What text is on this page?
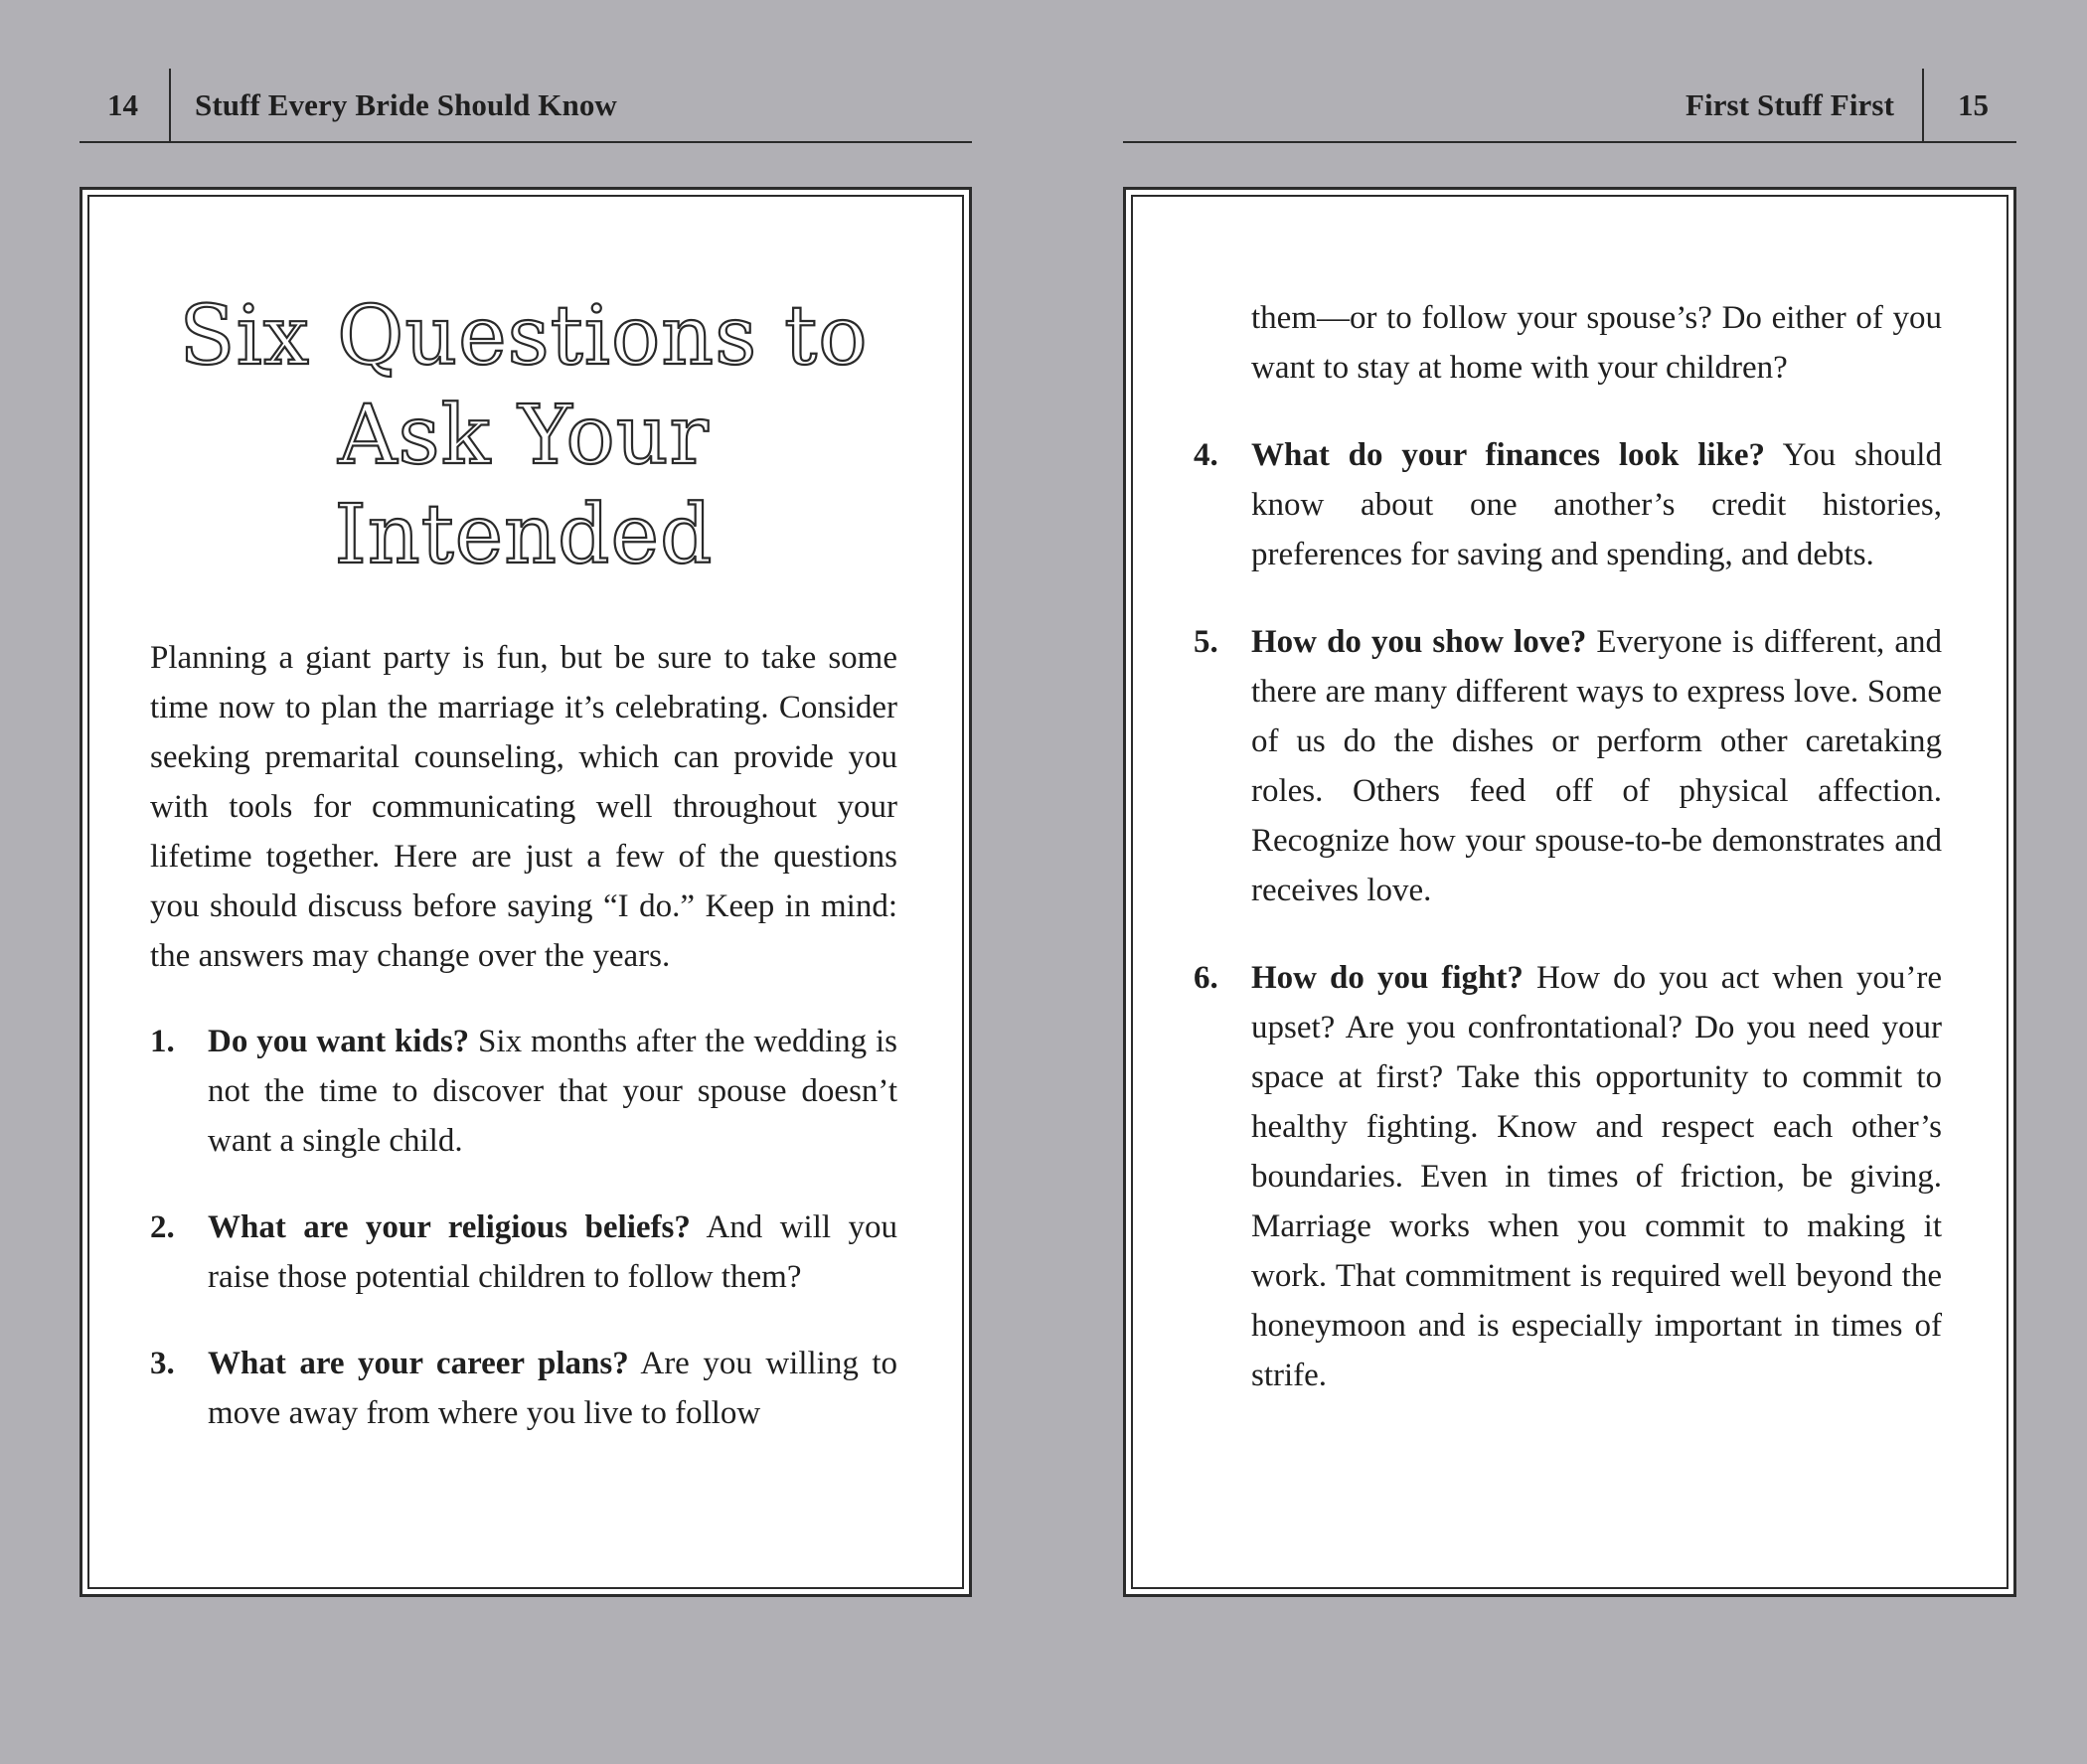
14 Stuff Every Bride Should Know
Six Questions to Ask Your Intended

Planning a giant party is fun, but be sure to take some time now to plan the marriage it’s celebrating. Consider seeking premarital counseling, which can provide you with tools for communicating well throughout your lifetime together. Here are just a few of the questions you should discuss before saying “I do.” Keep in mind: the answers may change over the years.

1. Do you want kids? Six months after the wedding is not the time to discover that your spouse doesn’t want a single child.
2. What are your religious beliefs? And will you raise those potential children to follow them?
3. What are your career plans? Are you willing to move away from where you live to follow
First Stuff First 15

them—or to follow your spouse’s? Do either of you want to stay at home with your children?

4. What do your finances look like? You should know about one another’s credit histories, preferences for saving and spending, and debts.
5. How do you show love? Everyone is different, and there are many different ways to express love. Some of us do the dishes or perform other caretaking roles. Others feed off of physical affection. Recognize how your spouse-to-be demonstrates and receives love.
6. How do you fight? How do you act when you’re upset? Are you confrontational? Do you need your space at first? Take this opportunity to commit to healthy fighting. Know and respect each other’s boundaries. Even in times of friction, be giving. Marriage works when you commit to making it work. That commitment is required well beyond the honeymoon and is especially important in times of strife.
